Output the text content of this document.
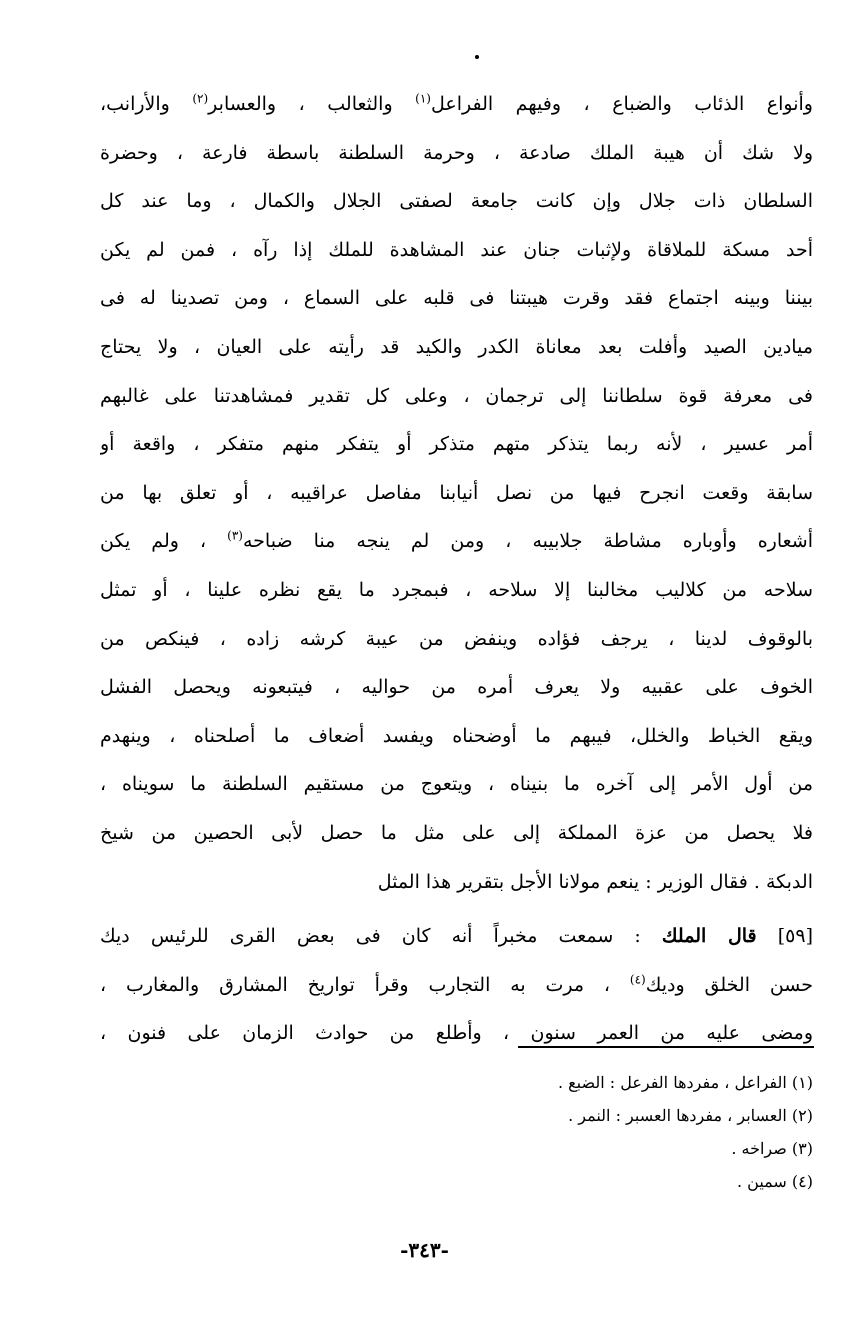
وأنواع الذئاب والضباع ، وفيهم الفراعل$^{(١)}$ والثعالب ، والعسابر$^{(٢)}$ والأرانب،
ولا شك أن هيبة الملك صادعة ، وحرمة السلطنة باسطة فارعة ، وحضرة
السلطان ذات جلال وإن كانت جامعة لصفتى الجلال والكمال ، وما عند كل
أحد مسكة للملاقاة ولإثبات جنان عند المشاهدة للملك إذا رآه ، فمن لم يكن
بيننا وبينه اجتماع فقد وقرت هيبتنا فى قلبه على السماع ، ومن تصدينا له فى
ميادين الصيد وأفلت بعد معاناة الكدر والكيد قد رأيته على العيان ، ولا يحتاج
فى معرفة قوة سلطاننا إلى ترجمان ، وعلى كل تقدير فمشاهدتنا على غالبهم
أمر عسير ، لأنه ربما يتذكر متهم متذكر أو يتفكر منهم متفكر ، واقعة أو
سابقة وقعت انجرح فيها من نصل أنيابنا مفاصل عراقيبه ، أو تعلق بها من
أشعاره وأوباره مشاطة جلابيبه ، ومن لم ينجه منا ضباحه$^{(٣)}$ ، ولم يكن
سلاحه من كلاليب مخالبنا إلا سلاحه ، فبمجرد ما يقع نظره علينا ، أو تمثل
بالوقوف لدينا ، يرجف فؤاده وينفض من عيبة كرشه زاده ، فينكص من
الخوف على عقبيه ولا يعرف أمره من حواليه ، فيتبعونه ويحصل الفشل
ويقع الخباط والخلل، فيبهم ما أوضحناه ويفسد أضعاف ما أصلحناه ، وينهدم
من أول الأمر إلى آخره ما بنيناه ، ويتعوج من مستقيم السلطنة ما سويناه ،
فلا يحصل من عزة المملكة إلى على مثل ما حصل لأبى الحصين من شيخ
الدبكة . فقال الوزير : ينعم مولانا الأجل بتقرير هذا المثل
[٥٩] قال الملك : سمعت مخبراً أنه كان فى بعض القرى للرئيس ديك
حسن الخلق وديك$^{(٤)}$ ، مرت به التجارب وقرأ تواريخ المشارق والمغارب ،
ومضى عليه من العمر سنون ، وأطلع من حوادث الزمان على فنون ،
(١) الفراعل ، مفردها الفرعل : الضبع .
(٢) العسابر ، مفردها العسبر : النمر .
(٣) صراخه .
(٤) سمين .
-٣٤٣-
